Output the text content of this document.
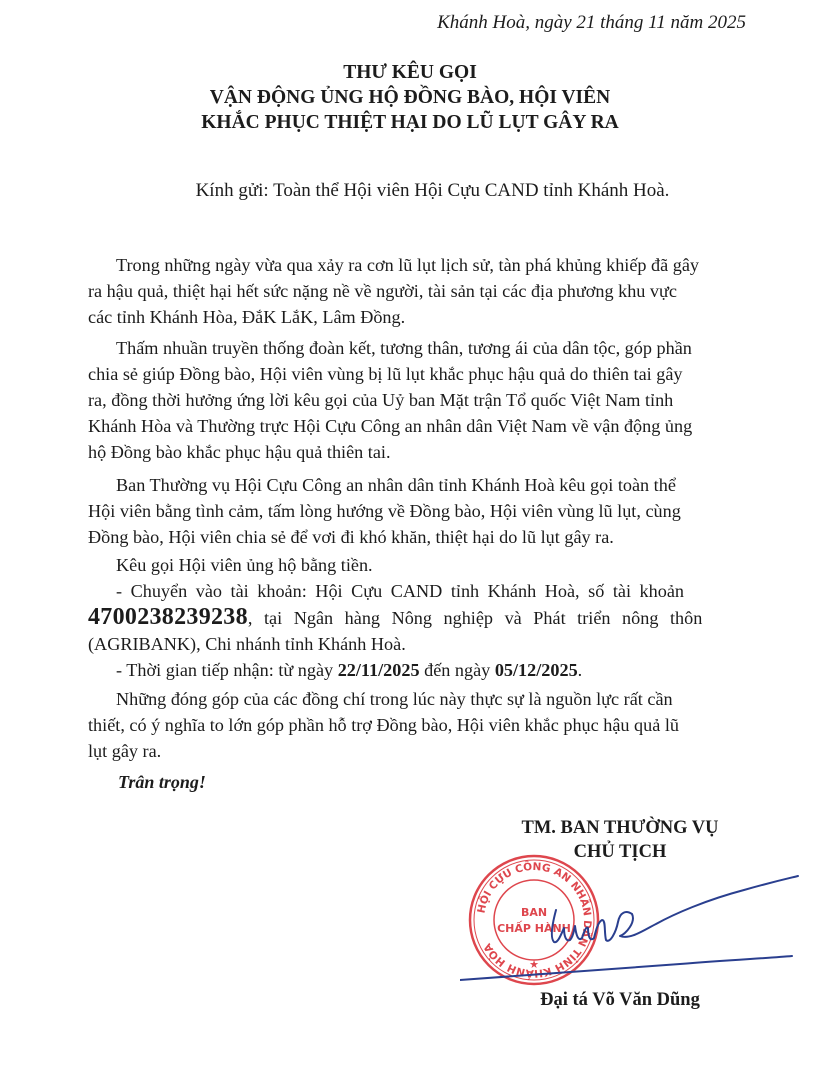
Khánh Hoà, ngày 21 tháng 11 năm 2025
THƯ KÊU GỌI
VẬN ĐỘNG ỦNG HỘ ĐỒNG BÀO, HỘI VIÊN
KHẮC PHỤC THIỆT HẠI DO LŨ LỤT GÂY RA
Kính gửi: Toàn thể Hội viên Hội Cựu CAND tỉnh Khánh Hoà.
Trong những ngày vừa qua xảy ra cơn lũ lụt lịch sử, tàn phá khủng khiếp đã gây
ra hậu quả, thiệt hại hết sức nặng nề về người, tài sản tại các địa phương khu vực
các tỉnh Khánh Hòa, ĐắK LắK, Lâm Đồng.
Thấm nhuần truyền thống đoàn kết, tương thân, tương ái của dân tộc, góp phần
chia sẻ giúp Đồng bào, Hội viên vùng bị lũ lụt khắc phục hậu quả do thiên tai gây
ra, đồng thời hưởng ứng lời kêu gọi của Uỷ ban Mặt trận Tổ quốc Việt Nam tỉnh
Khánh Hòa và Thường trực Hội Cựu Công an nhân dân Việt Nam về vận động ủng
hộ Đồng bào khắc phục hậu quả thiên tai.
Ban Thường vụ Hội Cựu Công an nhân dân tỉnh Khánh Hoà kêu gọi toàn thể
Hội viên bằng tình cảm, tấm lòng hướng về Đồng bào, Hội viên vùng lũ lụt, cùng
Đồng bào, Hội viên chia sẻ để vơi đi khó khăn, thiệt hại do lũ lụt gây ra.
Kêu gọi Hội viên ủng hộ bằng tiền.
- Chuyển vào tài khoản: Hội Cựu CAND tỉnh Khánh Hoà, số tài khoản
4700238239238, tại Ngân hàng Nông nghiệp và Phát triển nông thôn
(AGRIBANK), Chi nhánh tỉnh Khánh Hoà.
- Thời gian tiếp nhận: từ ngày 22/11/2025 đến ngày 05/12/2025.
Những đóng góp của các đồng chí trong lúc này thực sự là nguồn lực rất cần
thiết, có ý nghĩa to lớn góp phần hỗ trợ Đồng bào, Hội viên khắc phục hậu quả lũ
lụt gây ra.
Trân trọng!
TM. BAN THƯỜNG VỤ
CHỦ TỊCH
HỘI CỰU CÔNG AN NHÂN DÂN TỈNH KHÁNH HÒA
★
BAN
CHẤP HÀNH
Đại tá Võ Văn Dũng
